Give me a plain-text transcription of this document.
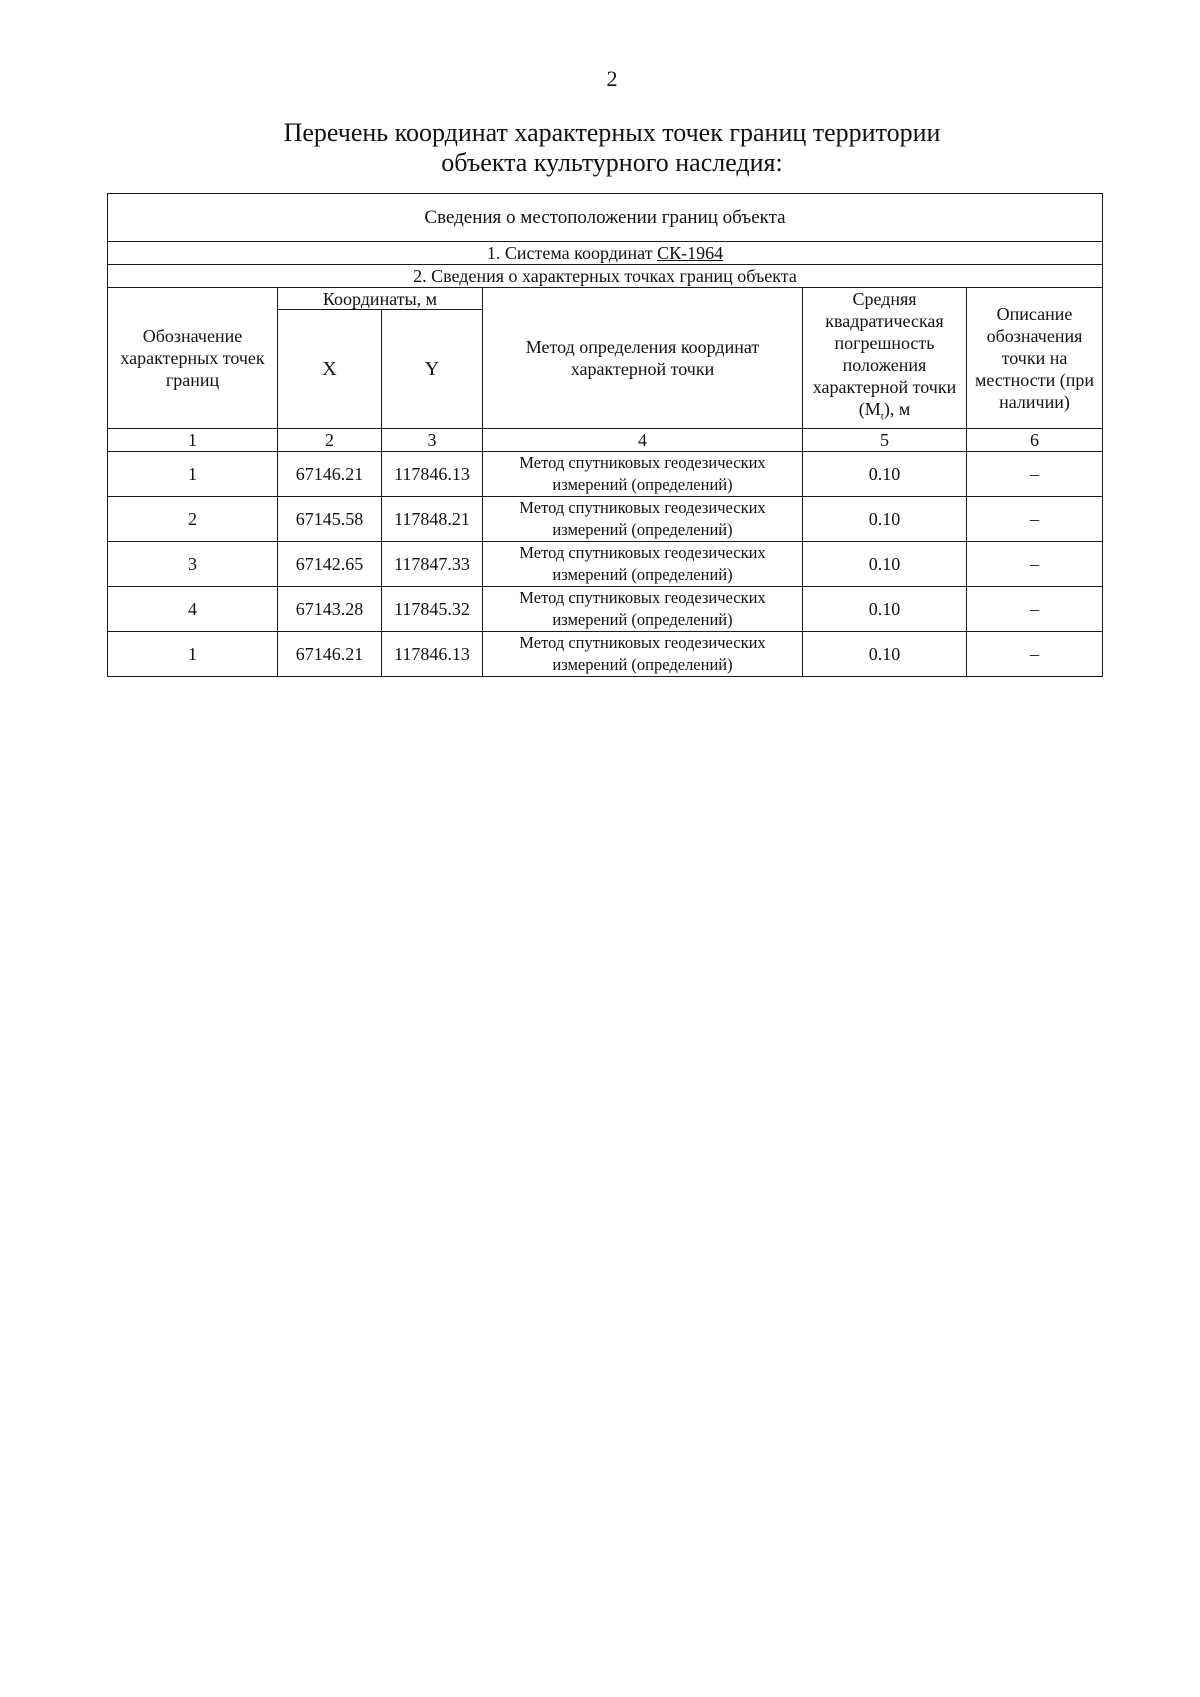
2
Перечень координат характерных точек границ территории
объекта культурного наследия:
Сведения о местоположении границ объекта					
1. Система координат СК-1964					
2. Сведения о характерных точках границ объекта					
Обозначение характерных точек границ	Координаты, м		Метод определения координат характерной точки	Средняя квадратическая погрешность положения характерной точки $(M_t)$, м	Описание обозначения точки на местности (при наличии)
	X	Y			
1	2	3	4	5	6
1	67146.21	117846.13	Метод спутниковых геодезических измерений (определений)	0.10	–
2	67145.58	117848.21	Метод спутниковых геодезических измерений (определений)	0.10	–
3	67142.65	117847.33	Метод спутниковых геодезических измерений (определений)	0.10	–
4	67143.28	117845.32	Метод спутниковых геодезических измерений (определений)	0.10	–
1	67146.21	117846.13	Метод спутниковых геодезических измерений (определений)	0.10	–
